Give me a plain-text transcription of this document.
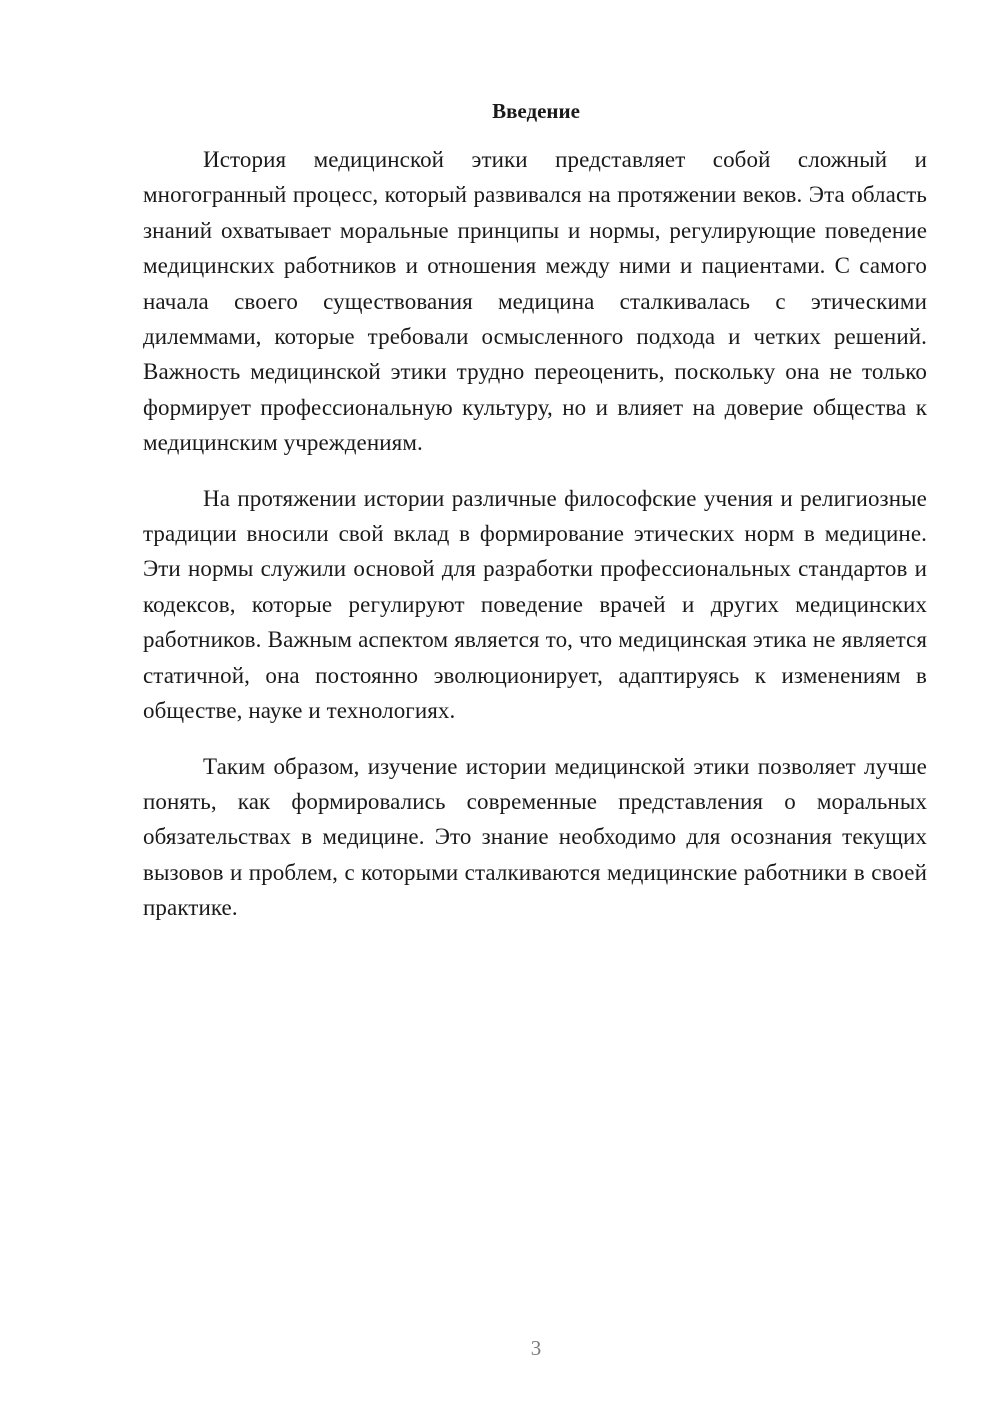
Введение

История медицинской этики представляет собой сложный и многогранный процесс, который развивался на протяжении веков. Эта область знаний охватывает моральные принципы и нормы, регулирующие поведение медицинских работников и отношения между ними и пациентами. С самого начала своего существования медицина сталкивалась с этическими дилеммами, которые требовали осмысленного подхода и четких решений. Важность медицинской этики трудно переоценить, поскольку она не только формирует профессиональную культуру, но и влияет на доверие общества к медицинским учреждениям.

На протяжении истории различные философские учения и религиозные традиции вносили свой вклад в формирование этических норм в медицине. Эти нормы служили основой для разработки профессиональных стандартов и кодексов, которые регулируют поведение врачей и других медицинских работников. Важным аспектом является то, что медицинская этика не является статичной, она постоянно эволюционирует, адаптируясь к изменениям в обществе, науке и технологиях.

Таким образом, изучение истории медицинской этики позволяет лучше понять, как формировались современные представления о моральных обязательствах в медицине. Это знание необходимо для осознания текущих вызовов и проблем, с которыми сталкиваются медицинские работники в своей практике.

3
